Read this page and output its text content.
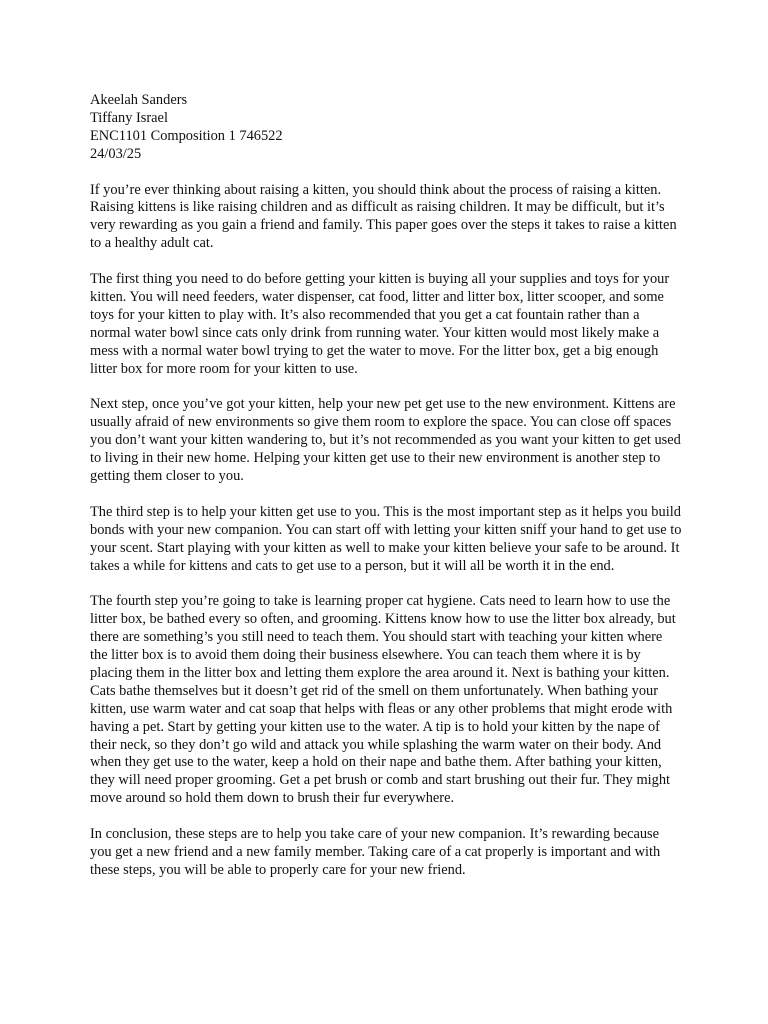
Akeelah Sanders
Tiffany Israel
ENC1101 Composition 1 746522
24/03/25

If you’re ever thinking about raising a kitten, you should think about the process of raising a kitten. Raising kittens is like raising children and as difficult as raising children. It may be difficult, but it’s very rewarding as you gain a friend and family. This paper goes over the steps it takes to raise a kitten to a healthy adult cat.

The first thing you need to do before getting your kitten is buying all your supplies and toys for your kitten. You will need feeders, water dispenser, cat food, litter and litter box, litter scooper, and some toys for your kitten to play with. It’s also recommended that you get a cat fountain rather than a normal water bowl since cats only drink from running water. Your kitten would most likely make a mess with a normal water bowl trying to get the water to move. For the litter box, get a big enough litter box for more room for your kitten to use.

Next step, once you’ve got your kitten, help your new pet get use to the new environment. Kittens are usually afraid of new environments so give them room to explore the space. You can close off spaces you don’t want your kitten wandering to, but it’s not recommended as you want your kitten to get used to living in their new home. Helping your kitten get use to their new environment is another step to getting them closer to you.

The third step is to help your kitten get use to you. This is the most important step as it helps you build bonds with your new companion. You can start off with letting your kitten sniff your hand to get use to your scent. Start playing with your kitten as well to make your kitten believe your safe to be around. It takes a while for kittens and cats to get use to a person, but it will all be worth it in the end.

The fourth step you’re going to take is learning proper cat hygiene. Cats need to learn how to use the litter box, be bathed every so often, and grooming. Kittens know how to use the litter box already, but there are something’s you still need to teach them. You should start with teaching your kitten where the litter box is to avoid them doing their business elsewhere. You can teach them where it is by placing them in the litter box and letting them explore the area around it. Next is bathing your kitten. Cats bathe themselves but it doesn’t get rid of the smell on them unfortunately. When bathing your kitten, use warm water and cat soap that helps with fleas or any other problems that might erode with having a pet. Start by getting your kitten use to the water. A tip is to hold your kitten by the nape of their neck, so they don’t go wild and attack you while splashing the warm water on their body. And when they get use to the water, keep a hold on their nape and bathe them. After bathing your kitten, they will need proper grooming. Get a pet brush or comb and start brushing out their fur. They might move around so hold them down to brush their fur everywhere.

In conclusion, these steps are to help you take care of your new companion. It’s rewarding because you get a new friend and a new family member. Taking care of a cat properly is important and with these steps, you will be able to properly care for your new friend.
